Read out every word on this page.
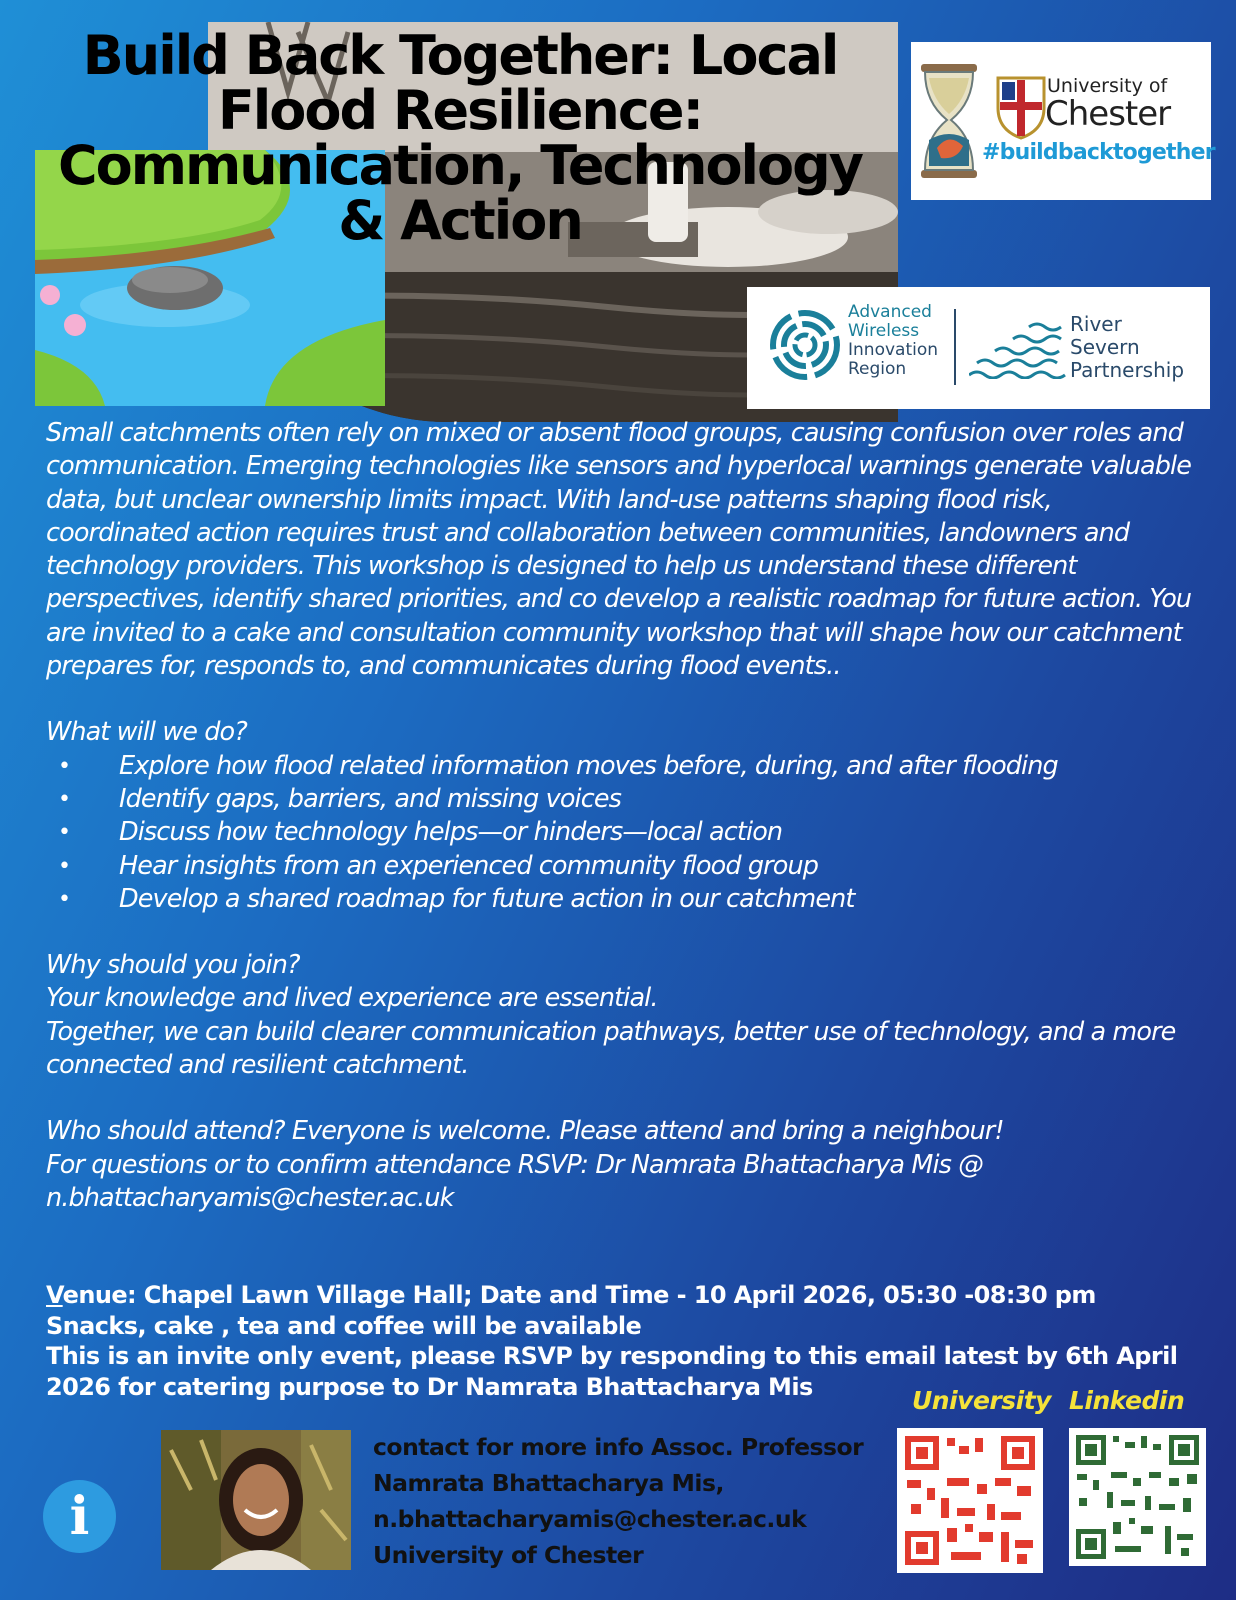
Build Back Together: Local Flood Resilience: Communication, Technology & Action
University of
Chester
#buildbacktogether
Advanced
Wireless
Innovation
Region
River
Severn
Partnership

Small catchments often rely on mixed or absent flood groups, causing confusion over roles and communication. Emerging technologies like sensors and hyperlocal warnings generate valuable data, but unclear ownership limits impact. With land-use patterns shaping flood risk, coordinated action requires trust and collaboration between communities, landowners and technology providers. This workshop is designed to help us understand these different perspectives, identify shared priorities, and co develop a realistic roadmap for future action. You are invited to a cake and consultation community workshop that will shape how our catchment prepares for, responds to, and communicates during flood events..

What will we do?

• Explore how flood related information moves before, during, and after flooding
• Identify gaps, barriers, and missing voices
• Discuss how technology helps—or hinders—local action
• Hear insights from an experienced community flood group
• Develop a shared roadmap for future action in our catchment

Why should you join?

Your knowledge and lived experience are essential.

Together, we can build clearer communication pathways, better use of technology, and a more connected and resilient catchment.

Who should attend? Everyone is welcome. Please attend and bring a neighbour!

For questions or to confirm attendance RSVP: Dr Namrata Bhattacharya Mis @ n.bhattacharyamis@chester.ac.uk

Venue: Chapel Lawn Village Hall; Date and Time - 10 April 2026, 05:30 -08:30 pm
Snacks, cake , tea and coffee will be available
This is an invite only event, please RSVP by responding to this email latest by 6th April 2026 for catering purpose to Dr Namrata Bhattacharya Mis	University Linkedin
contact for more info Assoc. Professor
Namrata Bhattacharya Mis,
n.bhattacharyamis@chester.ac.uk
University of Chester
i
